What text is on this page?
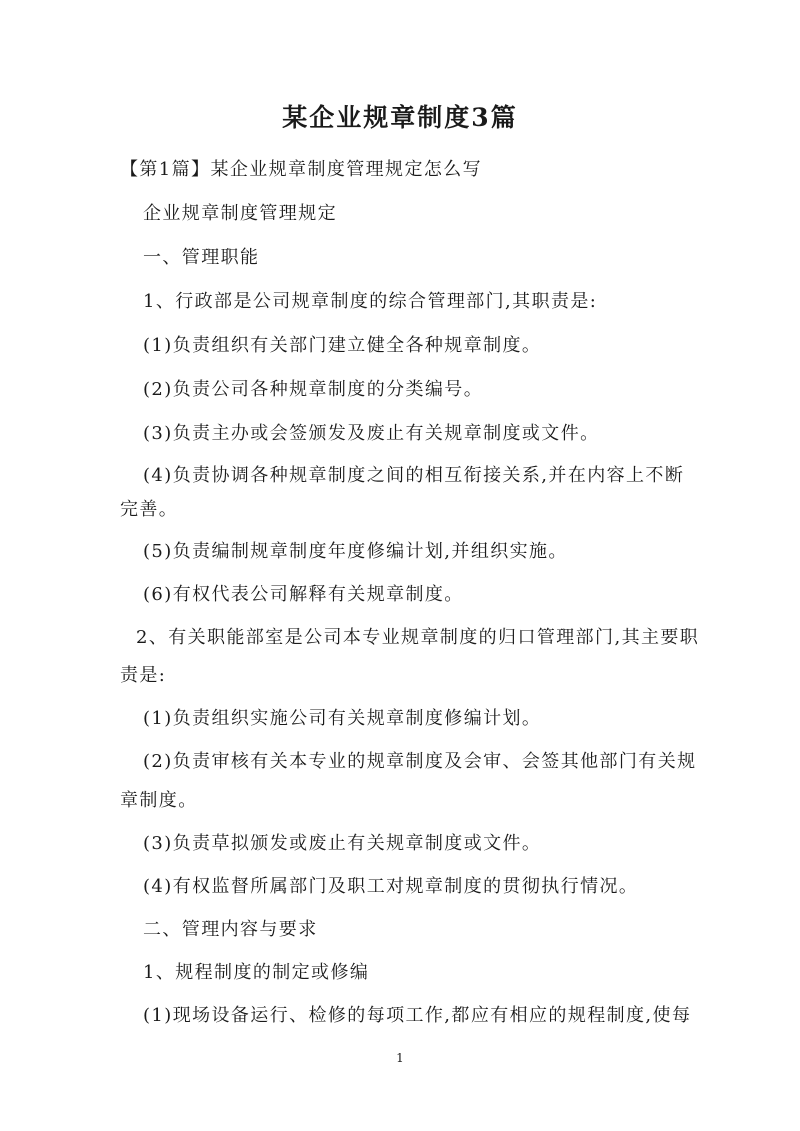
某企业规章制度3篇
【第1篇】某企业规章制度管理规定怎么写
企业规章制度管理规定
一、管理职能
1、行政部是公司规章制度的综合管理部门,其职责是:
(1)负责组织有关部门建立健全各种规章制度。
(2)负责公司各种规章制度的分类编号。
(3)负责主办或会签颁发及废止有关规章制度或文件。
(4)负责协调各种规章制度之间的相互衔接关系,并在内容上不断
完善。
(5)负责编制规章制度年度修编计划,并组织实施。
(6)有权代表公司解释有关规章制度。
2、有关职能部室是公司本专业规章制度的归口管理部门,其主要职
责是:
(1)负责组织实施公司有关规章制度修编计划。
(2)负责审核有关本专业的规章制度及会审、会签其他部门有关规
章制度。
(3)负责草拟颁发或废止有关规章制度或文件。
(4)有权监督所属部门及职工对规章制度的贯彻执行情况。
二、管理内容与要求
1、规程制度的制定或修编
(1)现场设备运行、检修的每项工作,都应有相应的规程制度,使每
1
